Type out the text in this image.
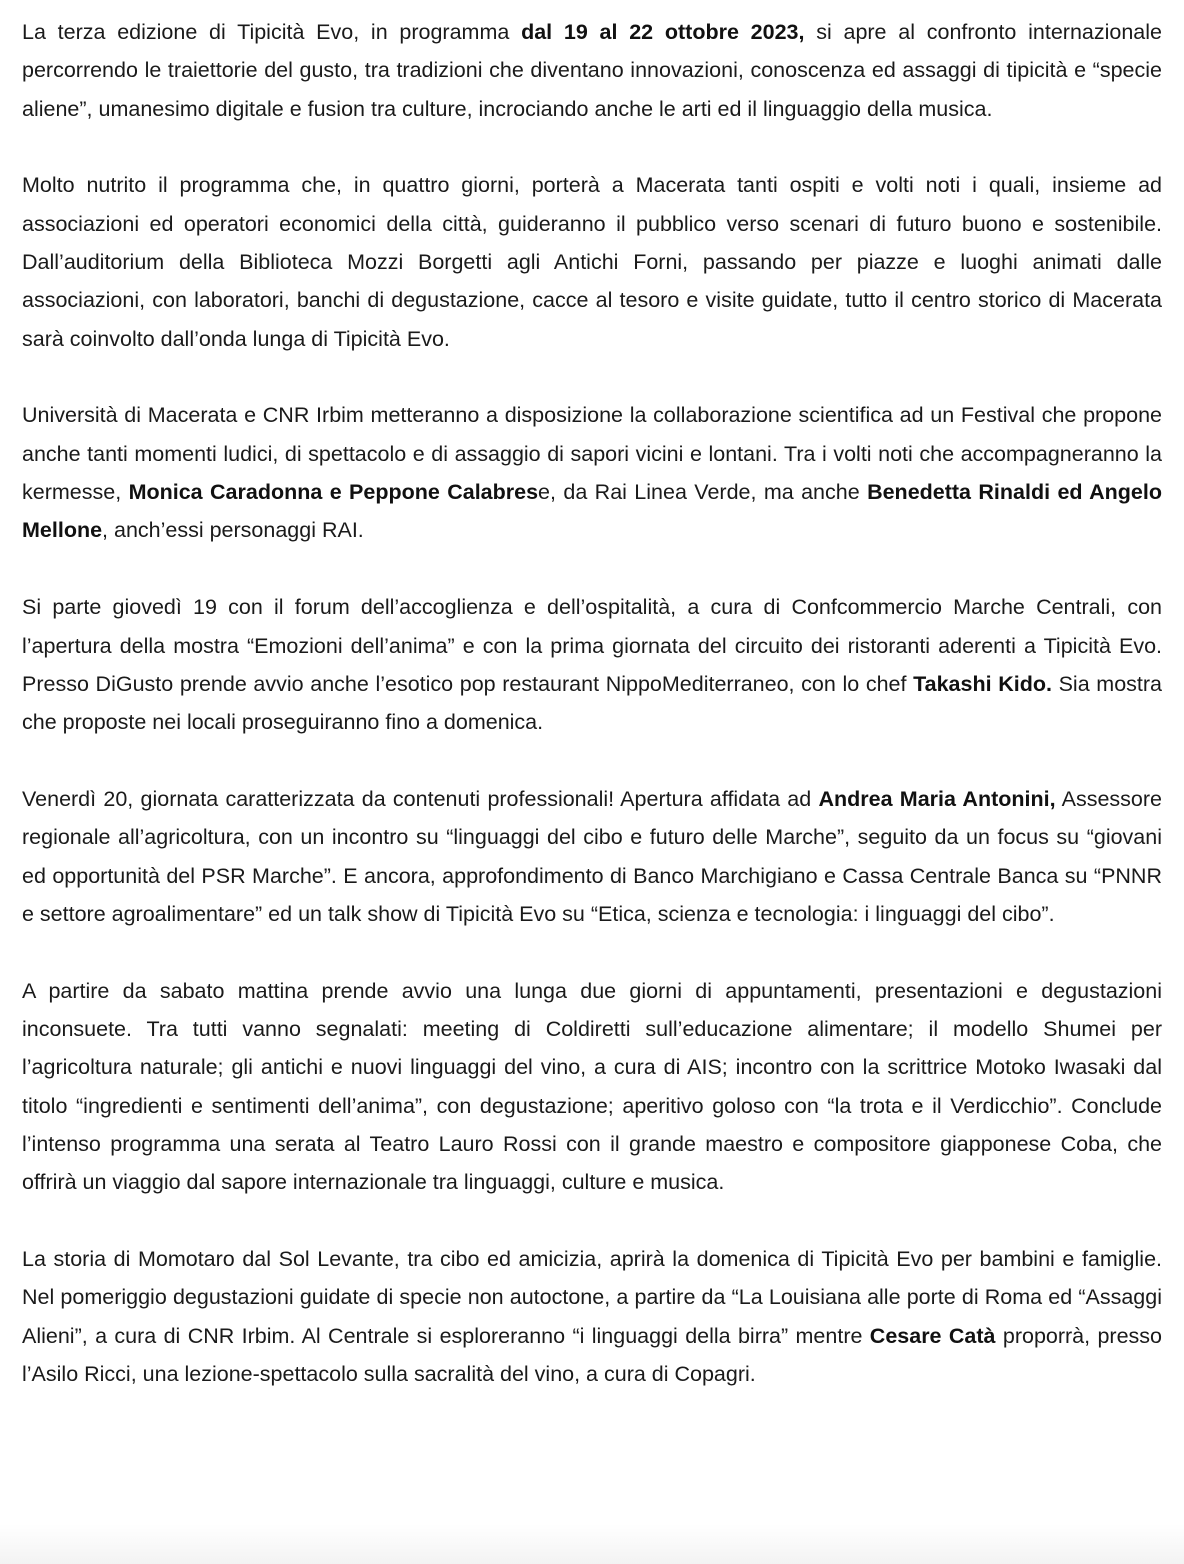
La terza edizione di Tipicità Evo, in programma dal 19 al 22 ottobre 2023, si apre al confronto internazionale percorrendo le traiettorie del gusto, tra tradizioni che diventano innovazioni, conoscenza ed assaggi di tipicità e “specie aliene”, umanesimo digitale e fusion tra culture, incrociando anche le arti ed il linguaggio della musica.

Molto nutrito il programma che, in quattro giorni, porterà a Macerata tanti ospiti e volti noti i quali, insieme ad associazioni ed operatori economici della città, guideranno il pubblico verso scenari di futuro buono e sostenibile. Dall’auditorium della Biblioteca Mozzi Borgetti agli Antichi Forni, passando per piazze e luoghi animati dalle associazioni, con laboratori, banchi di degustazione, cacce al tesoro e visite guidate, tutto il centro storico di Macerata sarà coinvolto dall’onda lunga di Tipicità Evo.

Università di Macerata e CNR Irbim metteranno a disposizione la collaborazione scientifica ad un Festival che propone anche tanti momenti ludici, di spettacolo e di assaggio di sapori vicini e lontani. Tra i volti noti che accompagneranno la kermesse, Monica Caradonna e Peppone Calabrese, da Rai Linea Verde, ma anche Benedetta Rinaldi ed Angelo Mellone, anch’essi personaggi RAI.

Si parte giovedì 19 con il forum dell’accoglienza e dell’ospitalità, a cura di Confcommercio Marche Centrali, con l’apertura della mostra “Emozioni dell’anima” e con la prima giornata del circuito dei ristoranti aderenti a Tipicità Evo. Presso DiGusto prende avvio anche l’esotico pop restaurant NippoMediterraneo, con lo chef Takashi Kido. Sia mostra che proposte nei locali proseguiranno fino a domenica.

Venerdì 20, giornata caratterizzata da contenuti professionali! Apertura affidata ad Andrea Maria Antonini, Assessore regionale all’agricoltura, con un incontro su “linguaggi del cibo e futuro delle Marche”, seguito da un focus su “giovani ed opportunità del PSR Marche”. E ancora, approfondimento di Banco Marchigiano e Cassa Centrale Banca su “PNNR e settore agroalimentare” ed un talk show di Tipicità Evo su “Etica, scienza e tecnologia: i linguaggi del cibo”.

A partire da sabato mattina prende avvio una lunga due giorni di appuntamenti, presentazioni e degustazioni inconsuete. Tra tutti vanno segnalati: meeting di Coldiretti sull’educazione alimentare; il modello Shumei per l’agricoltura naturale; gli antichi e nuovi linguaggi del vino, a cura di AIS; incontro con la scrittrice Motoko Iwasaki dal titolo “ingredienti e sentimenti dell’anima”, con degustazione; aperitivo goloso con “la trota e il Verdicchio”. Conclude l’intenso programma una serata al Teatro Lauro Rossi con il grande maestro e compositore giapponese Coba, che offrirà un viaggio dal sapore internazionale tra linguaggi, culture e musica.

La storia di Momotaro dal Sol Levante, tra cibo ed amicizia, aprirà la domenica di Tipicità Evo per bambini e famiglie. Nel pomeriggio degustazioni guidate di specie non autoctone, a partire da “La Louisiana alle porte di Roma ed “Assaggi Alieni”, a cura di CNR Irbim. Al Centrale si esploreranno “i linguaggi della birra” mentre Cesare Catà proporrà, presso l’Asilo Ricci, una lezione-spettacolo sulla sacralità del vino, a cura di Copagri.
